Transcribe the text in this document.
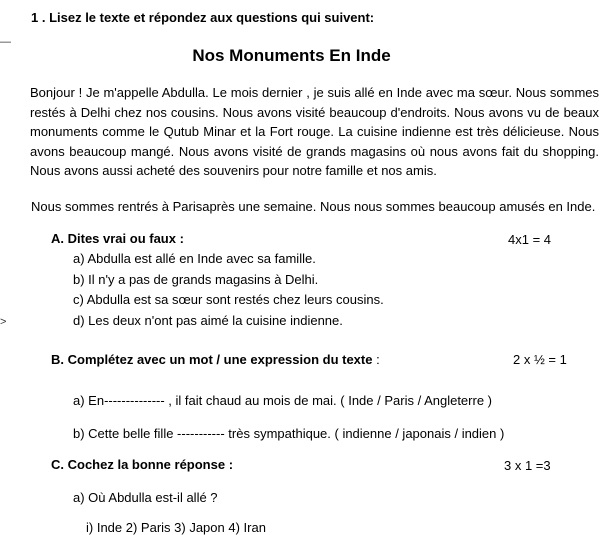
—
>
1 . Lisez le texte et répondez aux questions qui suivent:
Nos Monuments En Inde
Bonjour ! Je m'appelle Abdulla. Le mois dernier , je suis allé en Inde avec ma sœur. Nous sommes restés à Delhi chez nos cousins. Nous avons visité beaucoup d'endroits. Nous avons vu de beaux monuments comme le Qutub Minar et la Fort rouge. La cuisine indienne est très délicieuse. Nous avons beaucoup mangé. Nous avons visité de grands magasins où nous avons fait du shopping. Nous avons aussi acheté des souvenirs pour notre famille et nos amis.
Nous sommes rentrés à Parisaprès une semaine. Nous nous sommes beaucoup amusés en Inde.
A. Dites vrai ou faux :	4x1 = 4
a) Abdulla est allé en Inde avec sa famille.
b) Il n'y a pas de grands magasins à Delhi.
c) Abdulla est sa sœur sont restés chez leurs cousins.
d) Les deux n'ont pas aimé la cuisine indienne.
B. Complétez avec un mot / une expression du texte :	2 x ½ = 1
a) En-------------- , il fait chaud au mois de mai. ( Inde / Paris / Angleterre )
b) Cette belle fille ----------- très sympathique. ( indienne / japonais / indien )
C. Cochez la bonne réponse :	3 x 1 =3
a) Où Abdulla est-il allé ?
i) Inde 2) Paris 3) Japon 4) Iran
